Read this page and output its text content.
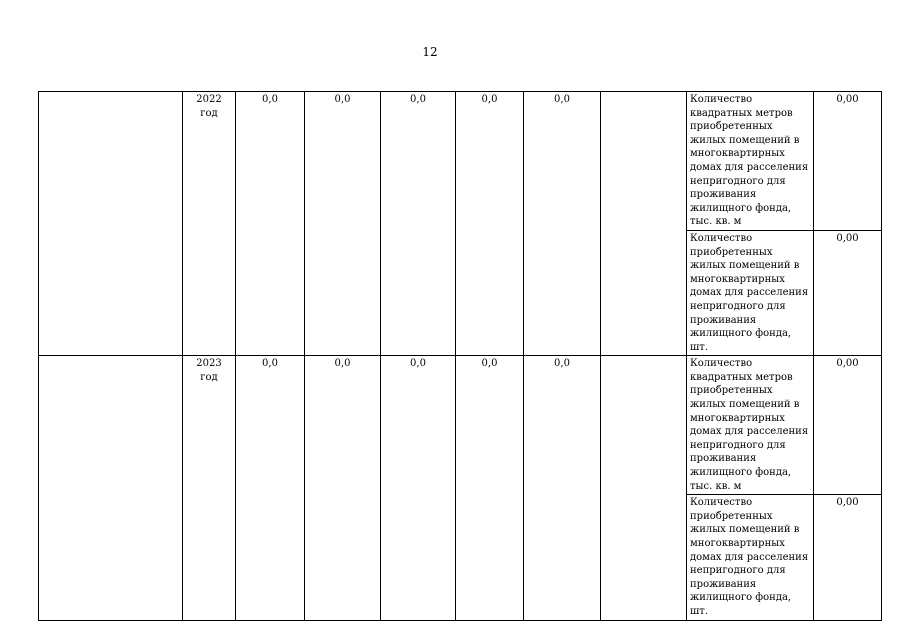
12
	2022 год	0,0	0,0	0,0	0,0	0,0		Количество квадратных метров приобретенных жилых помещений в многоквартирных домах для расселения непригодного для проживания жилищного фонда, тыс. кв. м	0,00
								Количество приобретенных жилых помещений в многоквартирных домах для расселения непригодного для проживания жилищного фонда, шт.	0,00
	2023 год	0,0	0,0	0,0	0,0	0,0		Количество квадратных метров приобретенных жилых помещений в многоквартирных домах для расселения непригодного для проживания жилищного фонда, тыс. кв. м	0,00
								Количество приобретенных жилых помещений в многоквартирных домах для расселения непригодного для проживания жилищного фонда, шт.	0,00
